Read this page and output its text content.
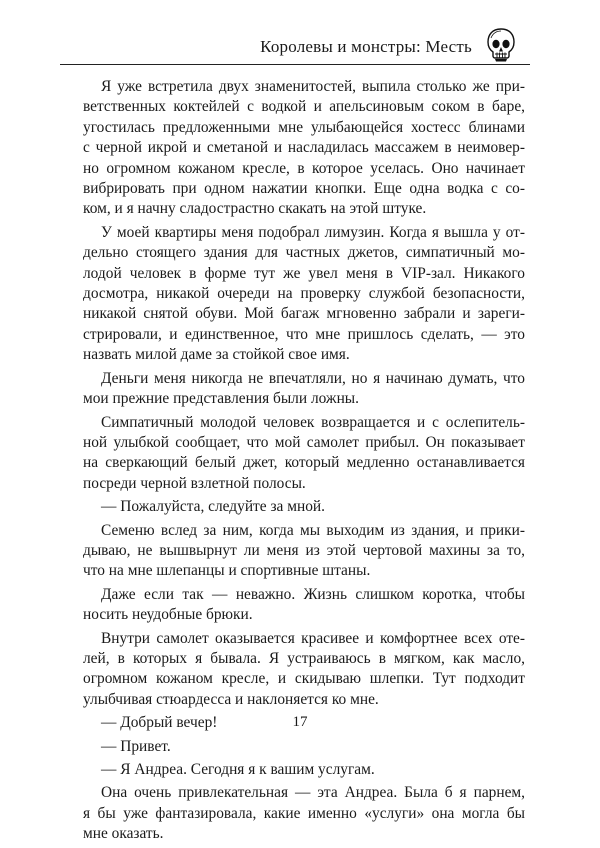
Королевы и монстры: Месть
Я уже встретила двух знаменитостей, выпила столько же при-
ветственных коктейлей с водкой и апельсиновым соком в баре,
угостилась предложенными мне улыбающейся хостесс блинами
с черной икрой и сметаной и насладилась массажем в неимовер-
но огромном кожаном кресле, в которое уселась. Оно начинает
вибрировать при одном нажатии кнопки. Еще одна водка с со-
ком, и я начну сладострастно скакать на этой штуке.
У моей квартиры меня подобрал лимузин. Когда я вышла у от-
дельно стоящего здания для частных джетов, симпатичный мо-
лодой человек в форме тут же увел меня в VIP-зал. Никакого
досмотра, никакой очереди на проверку службой безопасности,
никакой снятой обуви. Мой багаж мгновенно забрали и зареги-
стрировали, и единственное, что мне пришлось сделать, — это
назвать милой даме за стойкой свое имя.
Деньги меня никогда не впечатляли, но я начинаю думать, что
мои прежние представления были ложны.
Симпатичный молодой человек возвращается и с ослепитель-
ной улыбкой сообщает, что мой самолет прибыл. Он показывает
на сверкающий белый джет, который медленно останавливается
посреди черной взлетной полосы.
— Пожалуйста, следуйте за мной.
Семеню вслед за ним, когда мы выходим из здания, и прики-
дываю, не вышвырнут ли меня из этой чертовой махины за то,
что на мне шлепанцы и спортивные штаны.
Даже если так — неважно. Жизнь слишком коротка, чтобы
носить неудобные брюки.
Внутри самолет оказывается красивее и комфортнее всех оте-
лей, в которых я бывала. Я устраиваюсь в мягком, как масло,
огромном кожаном кресле, и скидываю шлепки. Тут подходит
улыбчивая стюардесса и наклоняется ко мне.
— Добрый вечер!
— Привет.
— Я Андреа. Сегодня я к вашим услугам.
Она очень привлекательная — эта Андреа. Была б я парнем,
я бы уже фантазировала, какие именно «услуги» она могла бы
мне оказать.
17
